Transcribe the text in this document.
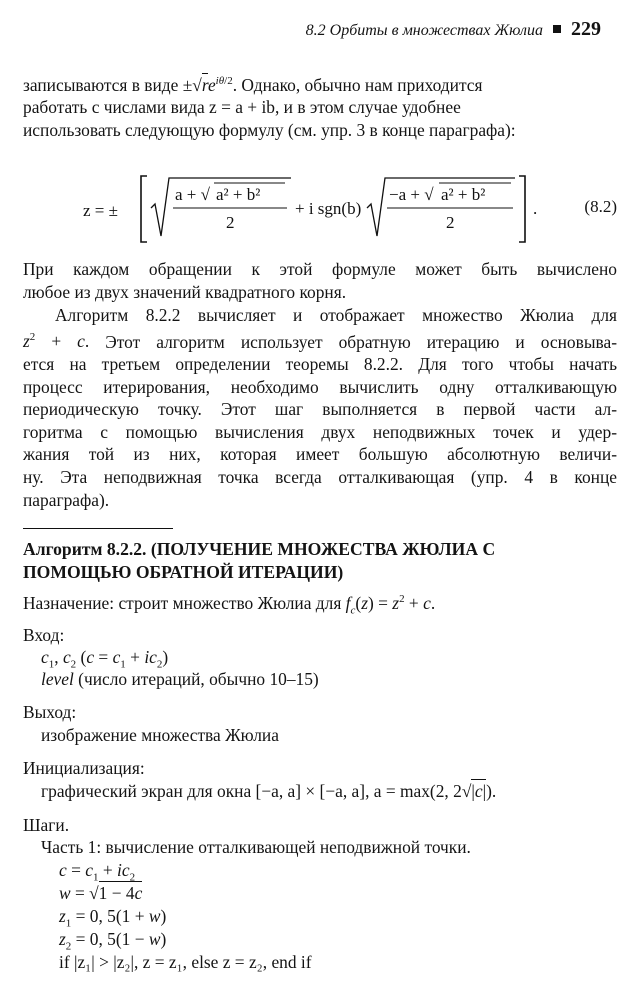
8.2 Орбиты в множествах Жюлиа 229
записываются в виде $\pm√re^{i\theta/2}$. Однако, обычно нам приходится
работать с числами вида z = a + ib, и в этом случае удобнее
использовать следующую формулу (см. упр. 3 в конце параграфа):
z = ±
a + √ a² + b²
2
+ i sgn(b)
−a + √ a² + b²
2
.	(8.2)
При каждом обращении к этой формуле может быть вычислено
любое из двух значений квадратного корня.
Алгоритм 8.2.2 вычисляет и отображает множество Жюлиа для
$z^2 + c$. Этот алгоритм использует обратную итерацию и основыва-
ется на третьем определении теоремы 8.2.2. Для того чтобы начать
процесс итерирования, необходимо вычислить одну отталкивающую
периодическую точку. Этот шаг выполняется в первой части ал-
горитма с помощью вычисления двух неподвижных точек и удер-
жания той из них, которая имеет большую абсолютную величи-
ну. Эта неподвижная точка всегда отталкивающая (упр. 4 в конце
параграфа).
Алгоритм 8.2.2. (ПОЛУЧЕНИЕ МНОЖЕСТВА ЖЮЛИА С
ПОМОЩЬЮ ОБРАТНОЙ ИТЕРАЦИИ)
Назначение: строит множество Жюлиа для $f_c(z) = z^2 + c$.
Вход:
$c_1$, $c_2$ $(c = c_1 + ic_2)$
level (число итераций, обычно 10–15)
Выход:
изображение множества Жюлиа
Инициализация:
графический экран для окна [−a, a] × [−a, a], a = max(2, 2√|c|).
Шаги.
Часть 1: вычисление отталкивающей неподвижной точки.
$c = c_1 + ic_2$
w = √1 − 4c
$z_1 = 0$, 5(1 + w)
$z_2 = 0$, 5(1 − w)
if |z₁| > |z₂|, z = z₁, else z = z₂, end if
